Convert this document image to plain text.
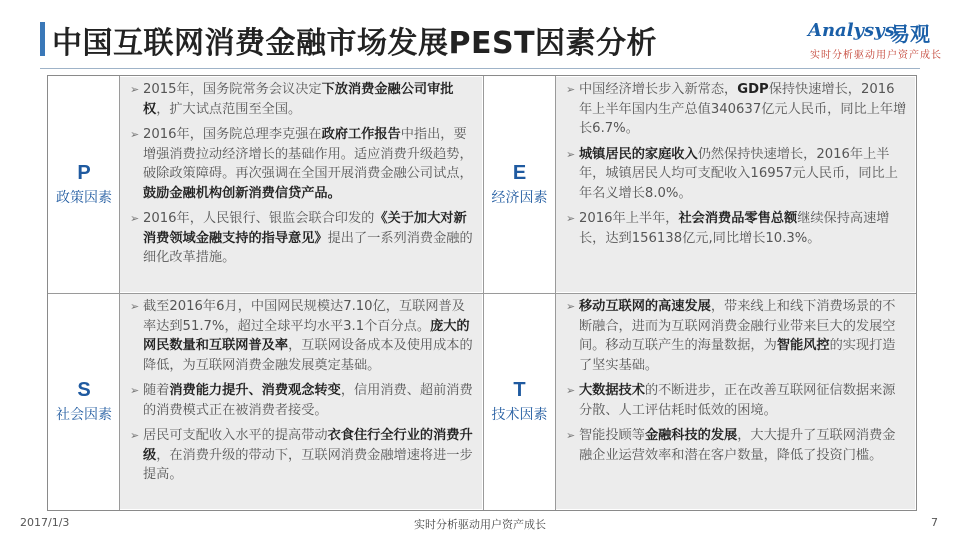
中国互联网消费金融市场发展PEST因素分析	Analysys
易观
实时分析驱动用户资产成长
P
政策因素
➢ 2015年，国务院常务会议决定下放消费金融公司审批权，扩大试点范围至全国。
➢ 2016年，国务院总理李克强在政府工作报告中指出，要增强消费拉动经济增长的基础作用。适应消费升级趋势，破除政策障碍。再次强调在全国开展消费金融公司试点，鼓励金融机构创新消费信贷产品。
➢ 2016年，人民银行、银监会联合印发的《关于加大对新消费领域金融支持的指导意见》提出了一系列消费金融的细化改革措施。
E
经济因素
➢ 中国经济增长步入新常态，GDP保持快速增长，2016年上半年国内生产总值340637亿元人民币，同比上年增长6.7%。
➢ 城镇居民的家庭收入仍然保持快速增长，2016年上半年，城镇居民人均可支配收入16957元人民币，同比上年名义增长8.0%。
➢ 2016年上半年，社会消费品零售总额继续保持高速增长，达到156138亿元,同比增长10.3%。
S
社会因素
➢ 截至2016年6月，中国网民规模达7.10亿，互联网普及率达到51.7%，超过全球平均水平3.1个百分点。庞大的网民数量和互联网普及率，互联网设备成本及使用成本的降低，为互联网消费金融发展奠定基础。
➢ 随着消费能力提升、消费观念转变，信用消费、超前消费的消费模式正在被消费者接受。
➢ 居民可支配收入水平的提高带动衣食住行全行业的消费升级，在消费升级的带动下，互联网消费金融增速将进一步提高。
T
技术因素
➢ 移动互联网的高速发展，带来线上和线下消费场景的不断融合，进而为互联网消费金融行业带来巨大的发展空间。移动互联产生的海量数据，为智能风控的实现打造了坚实基础。
➢ 大数据技术的不断进步，正在改善互联网征信数据来源分散、人工评估耗时低效的困境。
➢ 智能投顾等金融科技的发展，大大提升了互联网消费金融企业运营效率和潜在客户数量，降低了投资门槛。
2017/1/3	实时分析驱动用户资产成长	7
